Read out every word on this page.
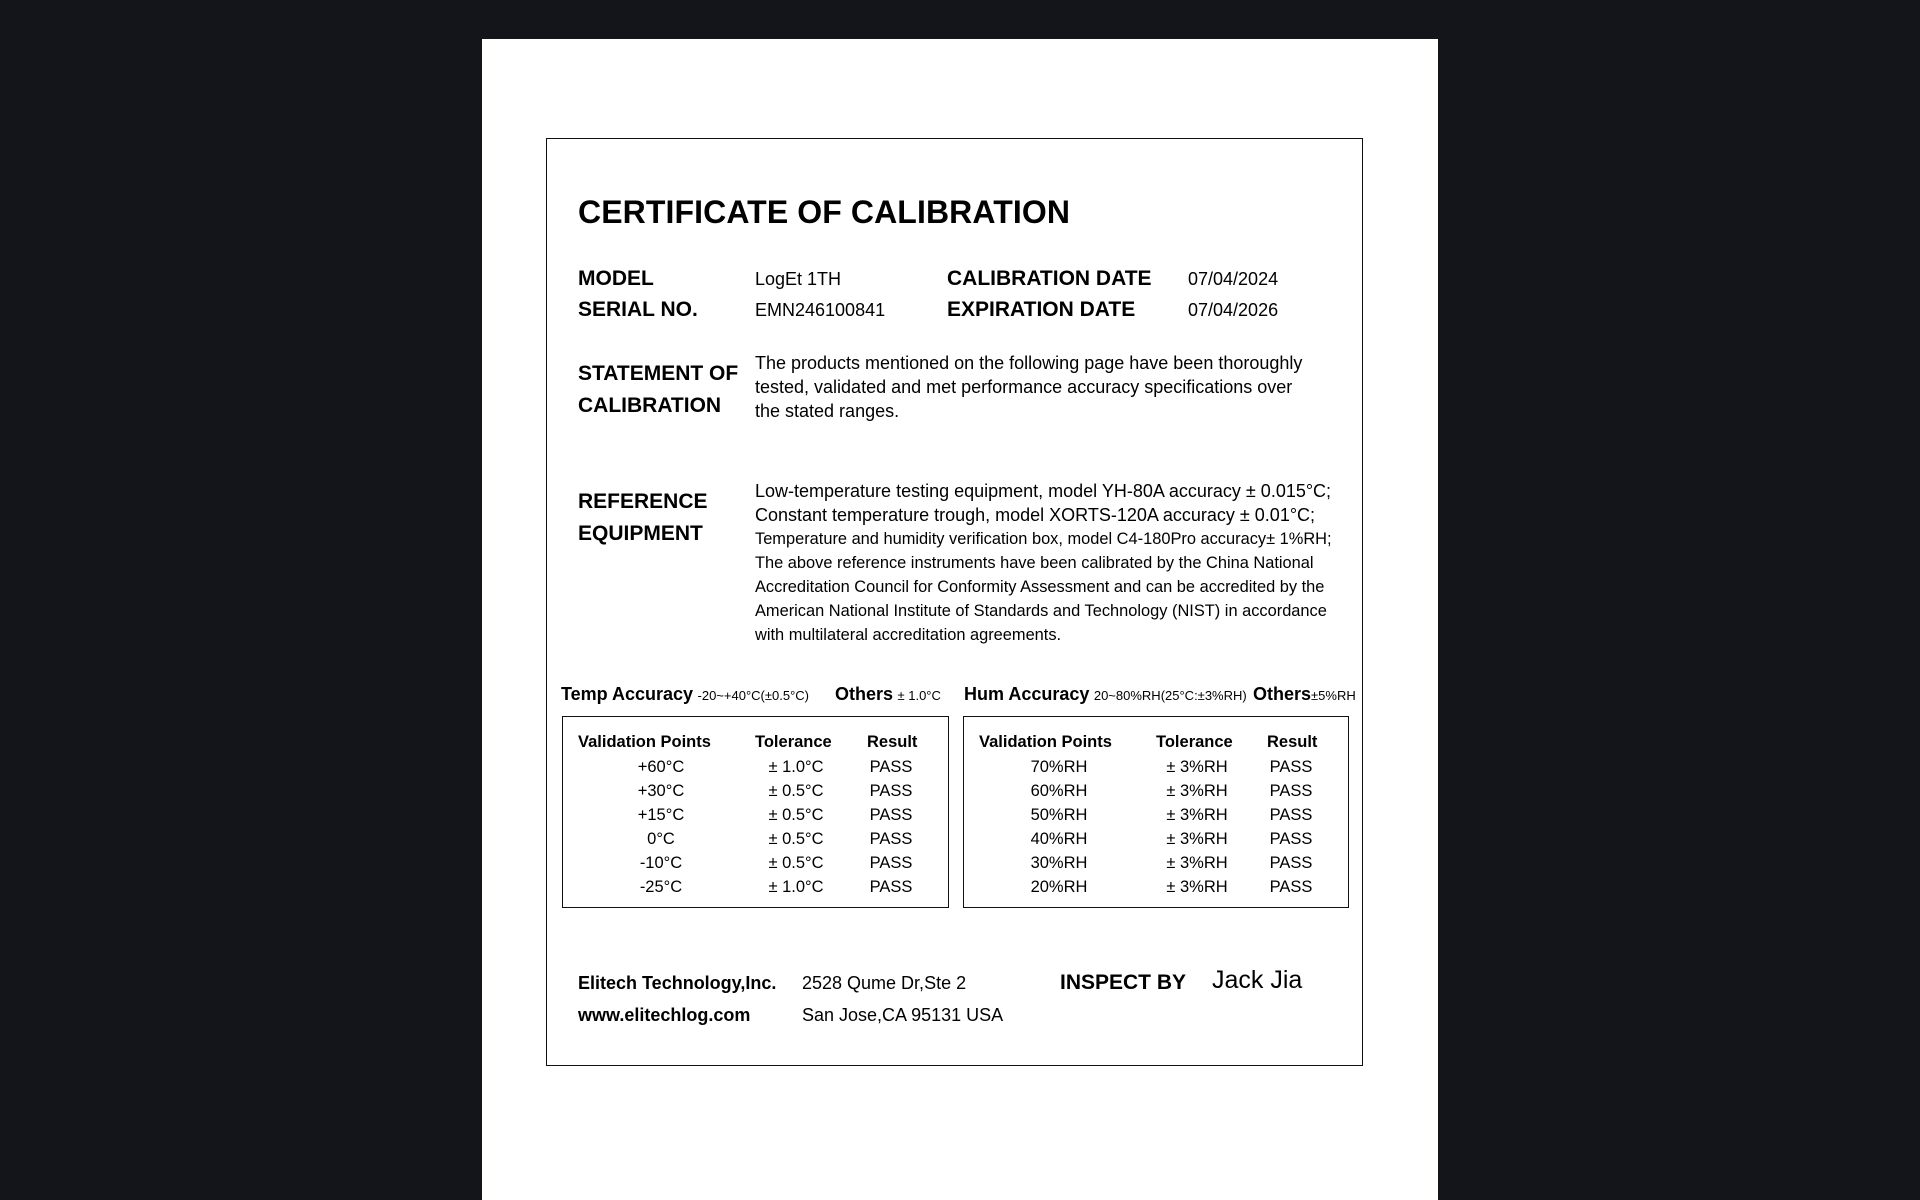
CERTIFICATE OF CALIBRATION
MODEL	LogEt 1TH
SERIAL NO.	EMN246100841
CALIBRATION DATE 07/04/2024
EXPIRATION DATE	07/04/2026
STATEMENT OF
CALIBRATION
The products mentioned on the following page have been thoroughly
tested, validated and met performance accuracy specifications over
the stated ranges.
REFERENCE
EQUIPMENT
Low-temperature testing equipment, model YH-80A accuracy ± 0.015°C;
Constant temperature trough, model XORTS-120A accuracy ± 0.01°C;
Temperature and humidity verification box, model C4-180Pro accuracy± 1%RH;
The above reference instruments have been calibrated by the China National
Accreditation Council for Conformity Assessment and can be accredited by the
American National Institute of Standards and Technology (NIST) in accordance
with multilateral accreditation agreements.
Temp Accuracy -20~+40°C(±0.5°C) Others ± 1.0°C Hum Accuracy 20~80%RH(25°C:±3%RH) Others±5%RH
Validation Points	Tolerance Result
+60°C	± 1.0°C	PASS
+30°C	± 0.5°C	PASS
+15°C	± 0.5°C	PASS
0°C	± 0.5°C	PASS
-10°C	± 0.5°C	PASS
-25°C	± 1.0°C	PASS
Validation Points	Tolerance Result
70%RH	± 3%RH	PASS
60%RH	± 3%RH	PASS
50%RH	± 3%RH	PASS
40%RH	± 3%RH	PASS
30%RH	± 3%RH	PASS
20%RH	± 3%RH	PASS
Elitech Technology,Inc.
www.elitechlog.com
2528 Qume Dr,Ste 2
San Jose,CA 95131 USA
INSPECT BY Jack Jia
